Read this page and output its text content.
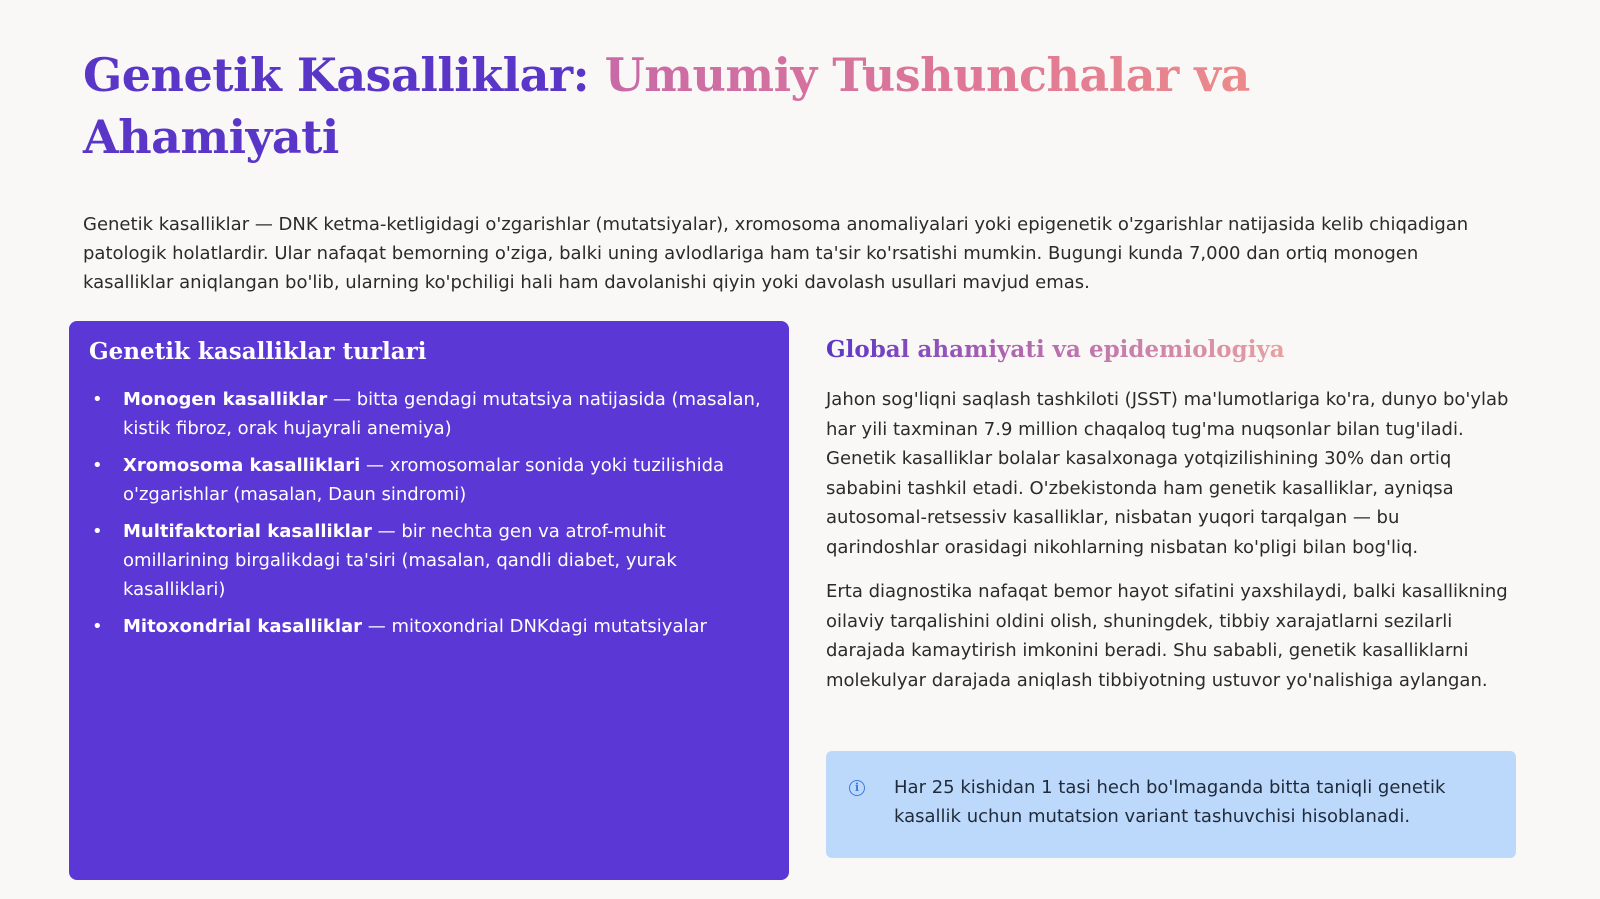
Genetik Kasalliklar: Umumiy Tushunchalar va
Ahamiyati

Genetik kasalliklar — DNK ketma-ketligidagi o'zgarishlar (mutatsiyalar), xromosoma anomaliyalari yoki epigenetik o'zgarishlar natijasida kelib chiqadigan patologik holatlardir. Ular nafaqat bemorning o'ziga, balki uning avlodlariga ham ta'sir ko'rsatishi mumkin. Bugungi kunda 7,000 dan ortiq monogen kasalliklar aniqlangan bo'lib, ularning ko'pchiligi hali ham davolanishi qiyin yoki davolash usullari mavjud emas.

Genetik kasalliklar turlari
• Monogen kasalliklar — bitta gendagi mutatsiya natijasida (masalan, kistik fibroz, orak hujayrali anemiya)
• Xromosoma kasalliklari — xromosomalar sonida yoki tuzilishida o'zgarishlar (masalan, Daun sindromi)
• Multifaktorial kasalliklar — bir nechta gen va atrof-muhit omillarining birgalikdagi ta'siri (masalan, qandli diabet, yurak kasalliklari)
• Mitoxondrial kasalliklar — mitoxondrial DNKdagi mutatsiyalar
Global ahamiyati va epidemiologiya

Jahon sog'liqni saqlash tashkiloti (JSST) ma'lumotlariga ko'ra, dunyo bo'ylab har yili taxminan 7.9 million chaqaloq tug'ma nuqsonlar bilan tug'iladi. Genetik kasalliklar bolalar kasalxonaga yotqizilishining 30% dan ortiq sababini tashkil etadi. O'zbekistonda ham genetik kasalliklar, ayniqsa autosomal-retsessiv kasalliklar, nisbatan yuqori tarqalgan — bu qarindoshlar orasidagi nikohlarning nisbatan ko'pligi bilan bog'liq.

Erta diagnostika nafaqat bemor hayot sifatini yaxshilaydi, balki kasallikning oilaviy tarqalishini oldini olish, shuningdek, tibbiy xarajatlarni sezilarli darajada kamaytirish imkonini beradi. Shu sababli, genetik kasalliklarni molekulyar darajada aniqlash tibbiyotning ustuvor yo'nalishiga aylangan.

i	Har 25 kishidan 1 tasi hech bo'lmaganda bitta taniqli genetik kasallik uchun mutatsion variant tashuvchisi hisoblanadi.
